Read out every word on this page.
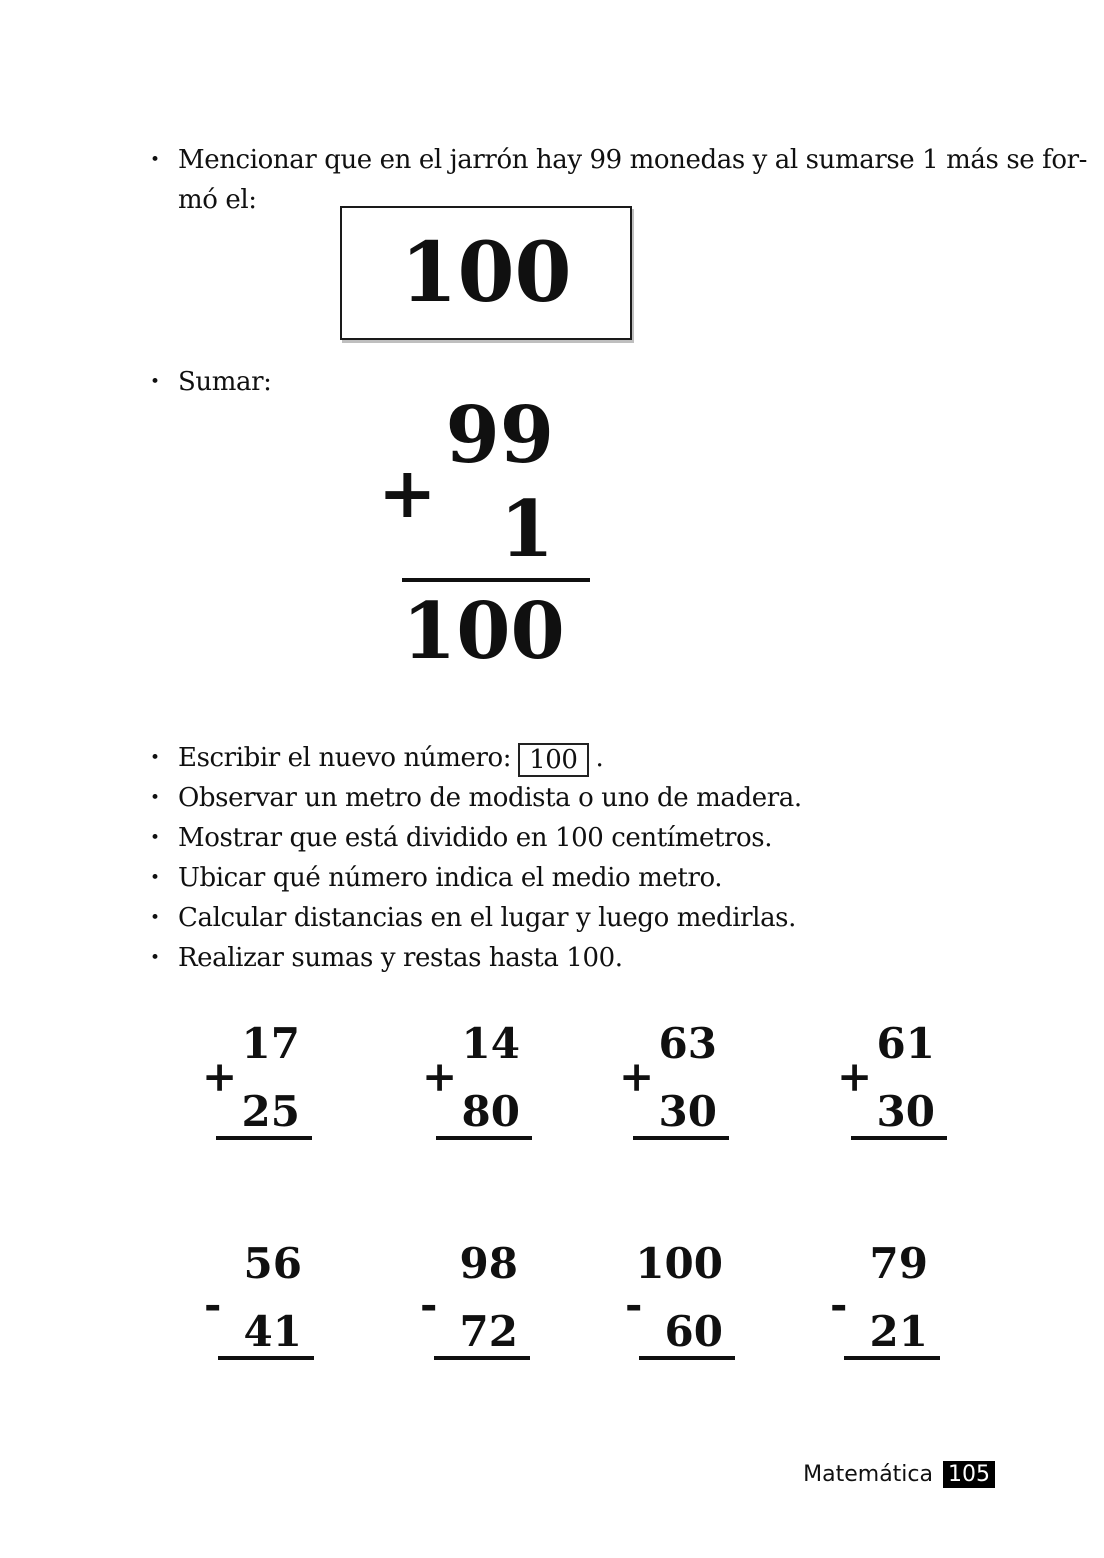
• Mencionar que en el jarrón hay 99 monedas y al sumarse 1 más se for-
mó el:
100
• Sumar:
+
99
1
100
• Escribir el nuevo número: 100 .
• Observar un metro de modista o uno de madera.
• Mostrar que está dividido en 100 centímetros.
• Ubicar qué número indica el medio metro.
• Calcular distancias en el lugar y luego medirlas.
• Realizar sumas y restas hasta 100.
+
17
25
+
14
80
+
63
30
+
61
30
-
56
41
-
98
72
-
100
60
-
79
21
Matemática 105
